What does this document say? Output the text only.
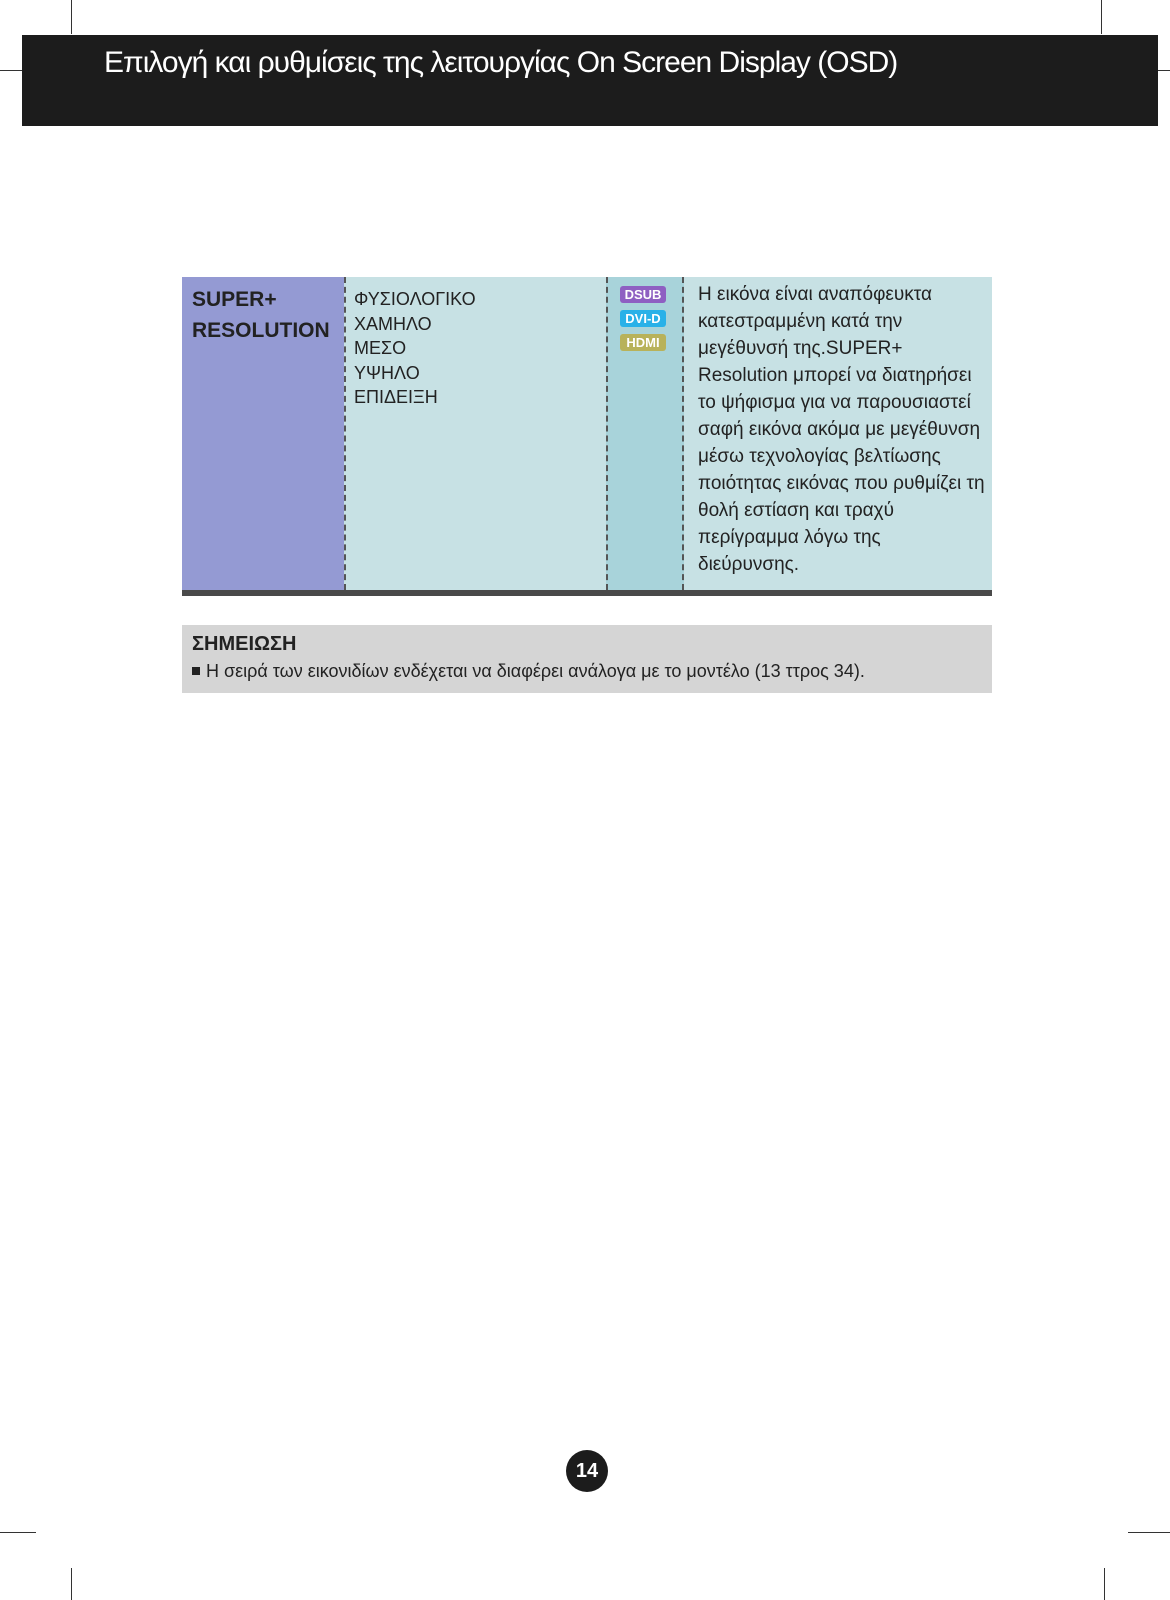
Επιλογή και ρυθμίσεις της λειτουργίας On Screen Display (OSD)
SUPER+
RESOLUTION
ΦΥΣΙΟΛΟΓΙΚΟ
ΧΑΜΗΛΟ
ΜΕΣΟ
ΥΨΗΛΟ
ΕΠΙΔΕΙΞΗ
DSUB
DVI-D
HDMI
Η εικόνα είναι αναπόφευκτα κατεστραμμένη κατά την μεγέθυνσή της.SUPER+ Resolution μπορεί να διατηρήσει το ψήφισμα για να παρουσιαστεί σαφή εικόνα ακόμα με μεγέθυνση μέσω τεχνολογίας βελτίωσης ποιότητας εικόνας που ρυθμίζει τη θολή εστίαση και τραχύ περίγραμμα λόγω της διεύρυνσης.
ΣΗΜΕΙΩΣΗ
Η σειρά των εικονιδίων ενδέχεται να διαφέρει ανάλογα με το μοντέλο (13 ττρος 34).
14
